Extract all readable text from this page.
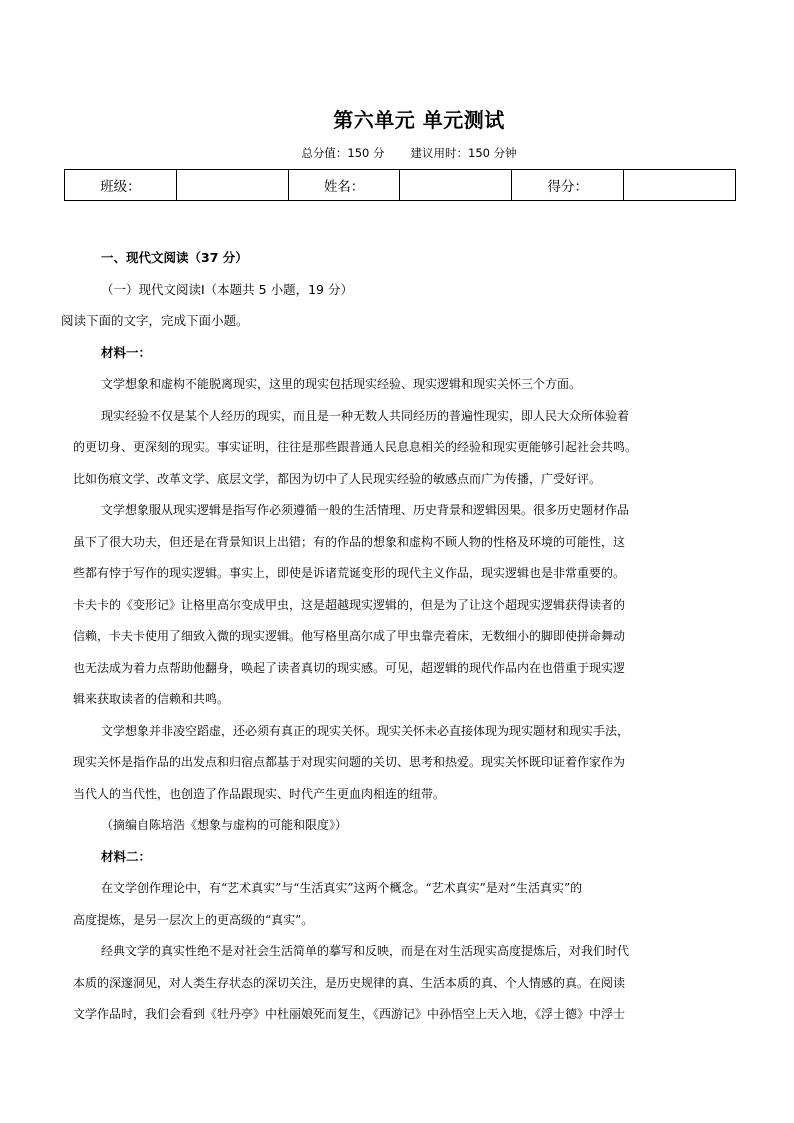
第六单元 单元测试
总分值：150 分 建议用时：150 分钟
班级：		姓名：		得分：	
一、现代文阅读（37 分）
（一）现代文阅读Ⅰ（本题共 5 小题，19 分）
阅读下面的文字，完成下面小题。
材料一：
文学想象和虚构不能脱离现实，这里的现实包括现实经验、现实逻辑和现实关怀三个方面。
现实经验不仅是某个人经历的现实，而且是一种无数人共同经历的普遍性现实，即人民大众所体验着
的更切身、更深刻的现实。事实证明，往往是那些跟普通人民息息相关的经验和现实更能够引起社会共鸣。
比如伤痕文学、改革文学、底层文学，都因为切中了人民现实经验的敏感点而广为传播，广受好评。
文学想象服从现实逻辑是指写作必须遵循一般的生活情理、历史背景和逻辑因果。很多历史题材作品
虽下了很大功夫，但还是在背景知识上出错；有的作品的想象和虚构不顾人物的性格及环境的可能性，这
些都有悖于写作的现实逻辑。事实上，即使是诉诸荒诞变形的现代主义作品，现实逻辑也是非常重要的。
卡夫卡的《变形记》让格里高尔变成甲虫，这是超越现实逻辑的，但是为了让这个超现实逻辑获得读者的
信赖，卡夫卡使用了细致入微的现实逻辑。他写格里高尔成了甲虫靠壳着床，无数细小的脚即使拼命舞动
也无法成为着力点帮助他翻身，唤起了读者真切的现实感。可见，超逻辑的现代作品内在也借重于现实逻
辑来获取读者的信赖和共鸣。
文学想象并非凌空蹈虚，还必须有真正的现实关怀。现实关怀未必直接体现为现实题材和现实手法，
现实关怀是指作品的出发点和归宿点都基于对现实问题的关切、思考和热爱。现实关怀既印证着作家作为
当代人的当代性，也创造了作品跟现实、时代产生更血肉相连的纽带。
（摘编自陈培浩《想象与虚构的可能和限度》）
材料二：
在文学创作理论中，有“艺术真实”与“生活真实”这两个概念。“艺术真实”是对“生活真实”的
高度提炼，是另一层次上的更高级的“真实”。
经典文学的真实性绝不是对社会生活简单的摹写和反映，而是在对生活现实高度提炼后，对我们时代
本质的深邃洞见，对人类生存状态的深切关注，是历史规律的真、生活本质的真、个人情感的真。在阅读
文学作品时，我们会看到《牡丹亭》中杜丽娘死而复生，《西游记》中孙悟空上天入地，《浮士德》中浮士
